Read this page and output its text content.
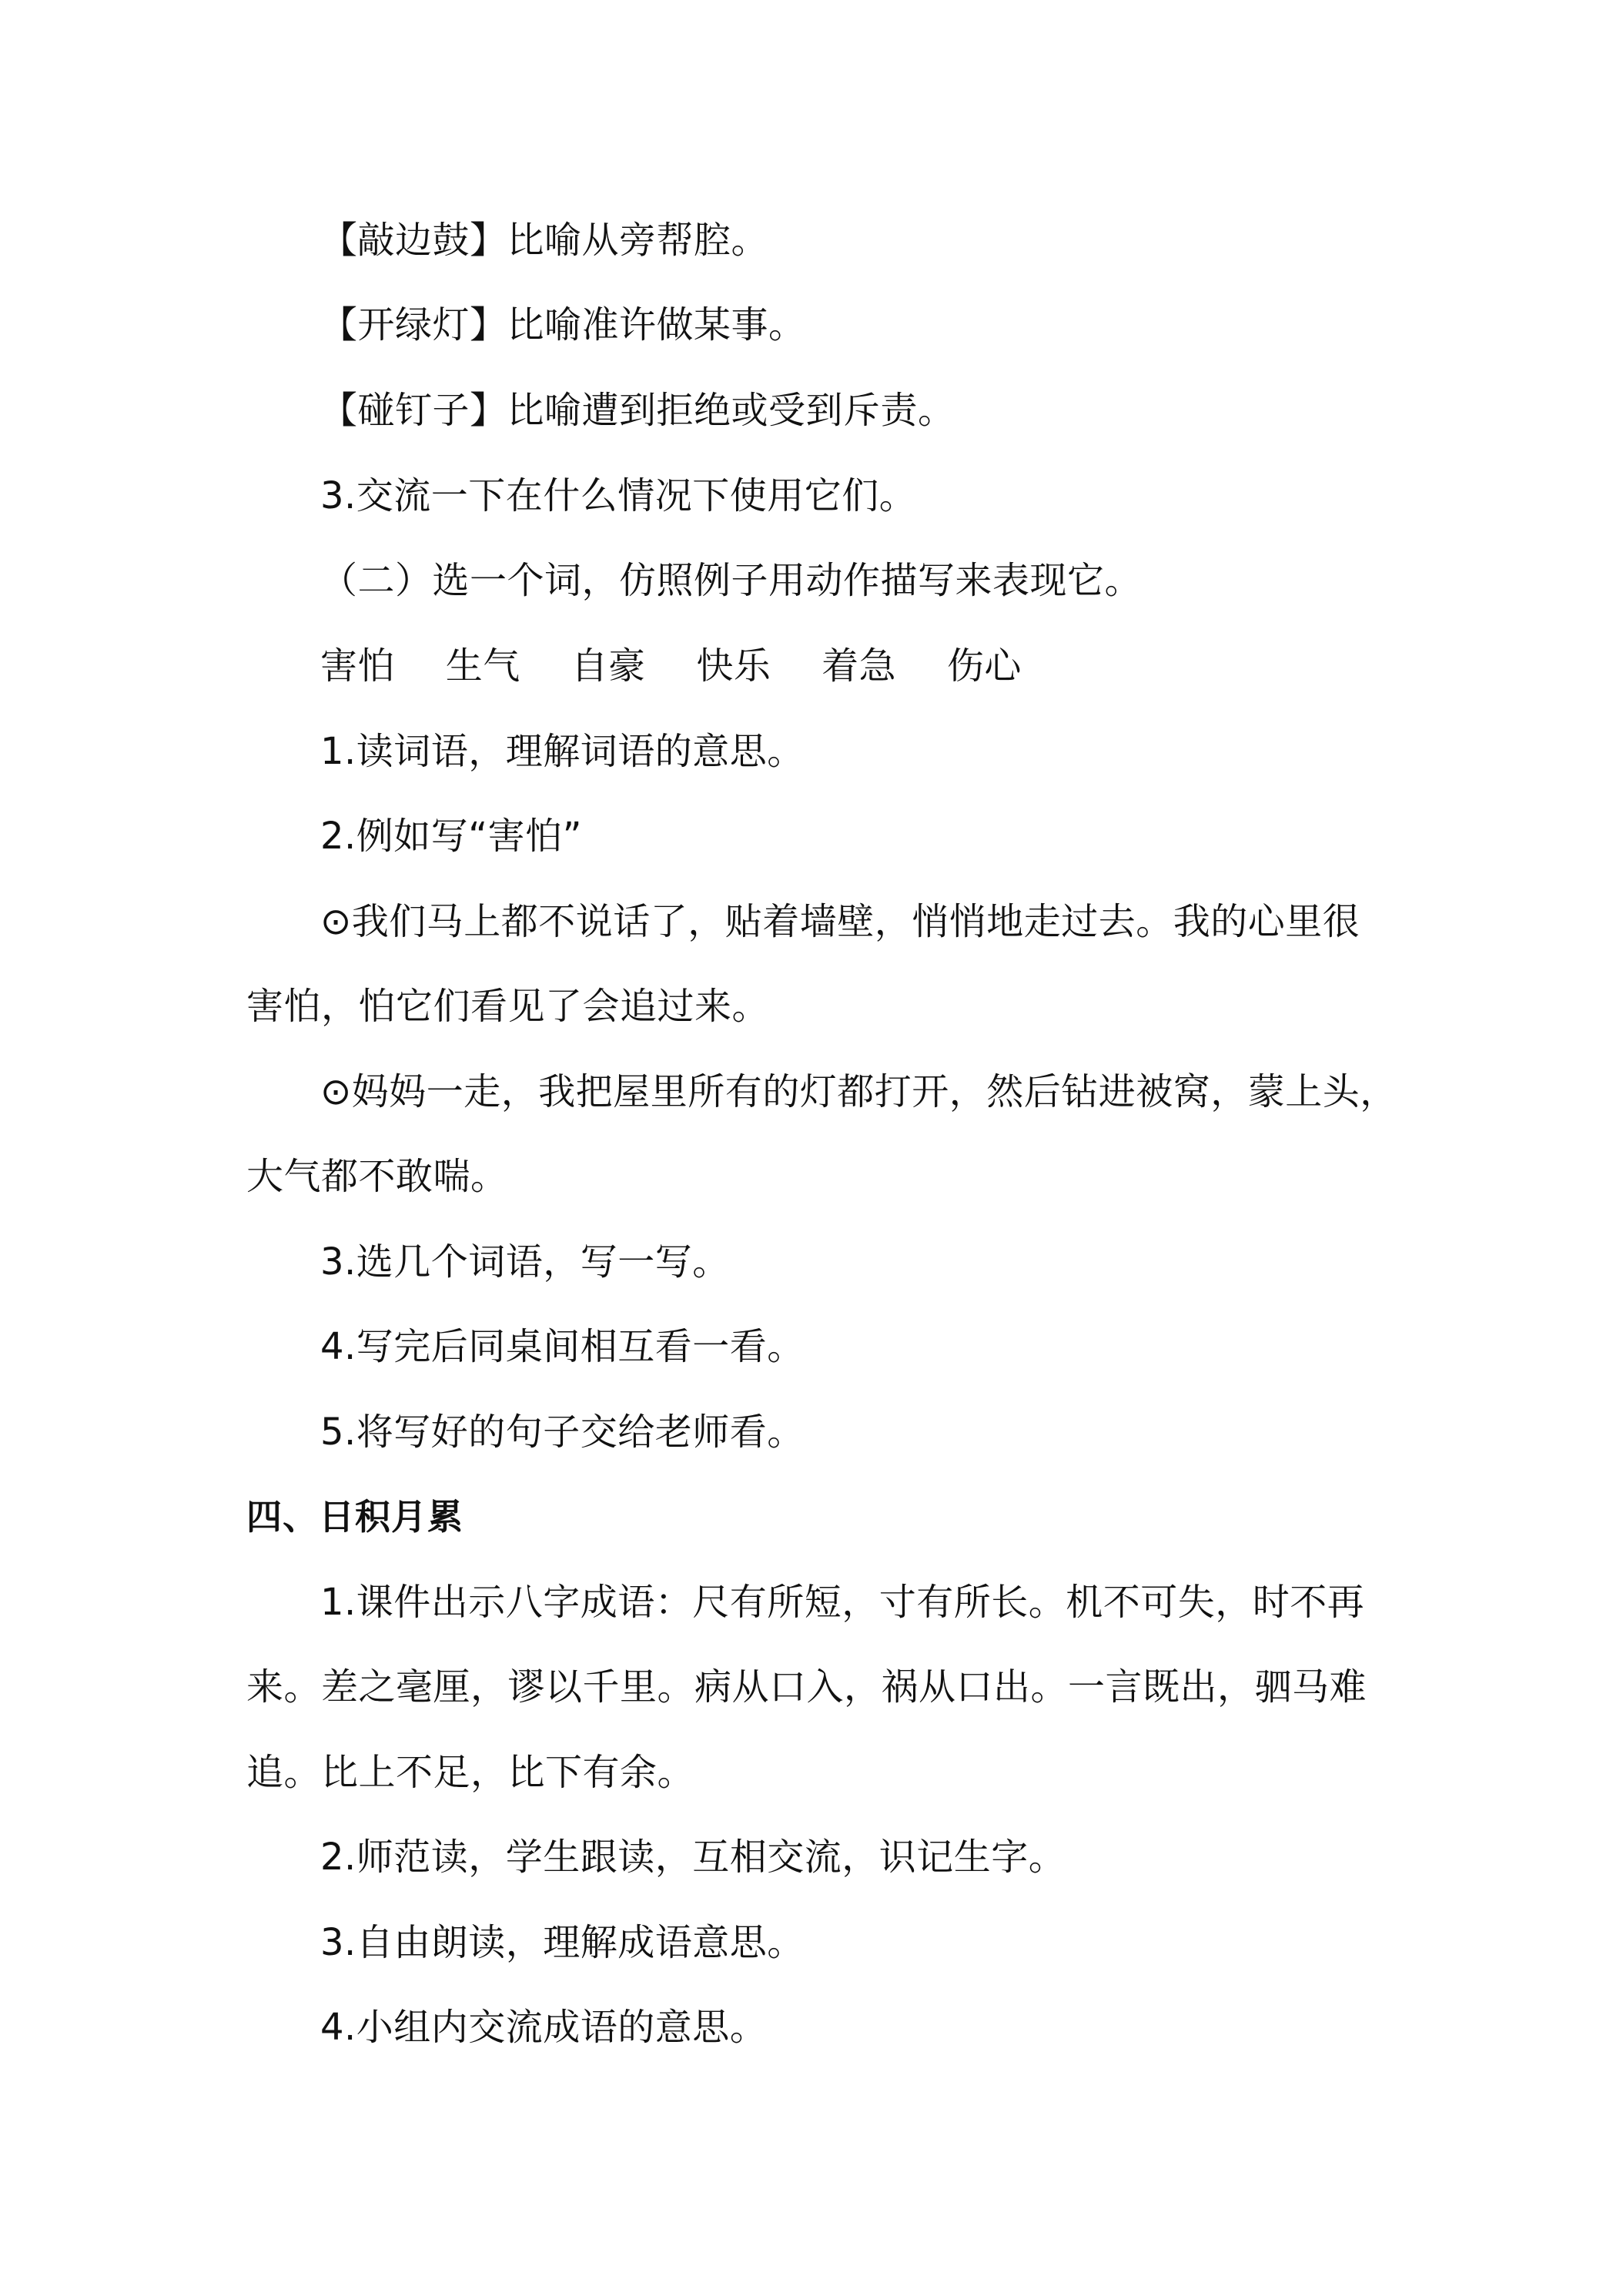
【敲边鼓】比喻从旁帮腔。
【开绿灯】比喻准许做某事。
【碰钉子】比喻遭到拒绝或受到斥责。
3.交流一下在什么情况下使用它们。
（二）选一个词，仿照例子用动作描写来表现它。
害怕 生气 自豪 快乐 着急 伤心
1.读词语，理解词语的意思。
2.例如写“害怕”
⊙我们马上都不说话了，贴着墙壁，悄悄地走过去。我的心里很
害怕，怕它们看见了会追过来。
⊙妈妈一走，我把屋里所有的灯都打开，然后钻进被窝，蒙上头，
大气都不敢喘。
3.选几个词语，写一写。
4.写完后同桌间相互看一看。
5.将写好的句子交给老师看。
四、日积月累
1.课件出示八字成语：尺有所短，寸有所长。机不可失，时不再
来。差之毫厘，谬以千里。病从口入，祸从口出。一言既出，驷马难
追。比上不足，比下有余。
2.师范读，学生跟读，互相交流，识记生字。
3.自由朗读，理解成语意思。
4.小组内交流成语的意思。
